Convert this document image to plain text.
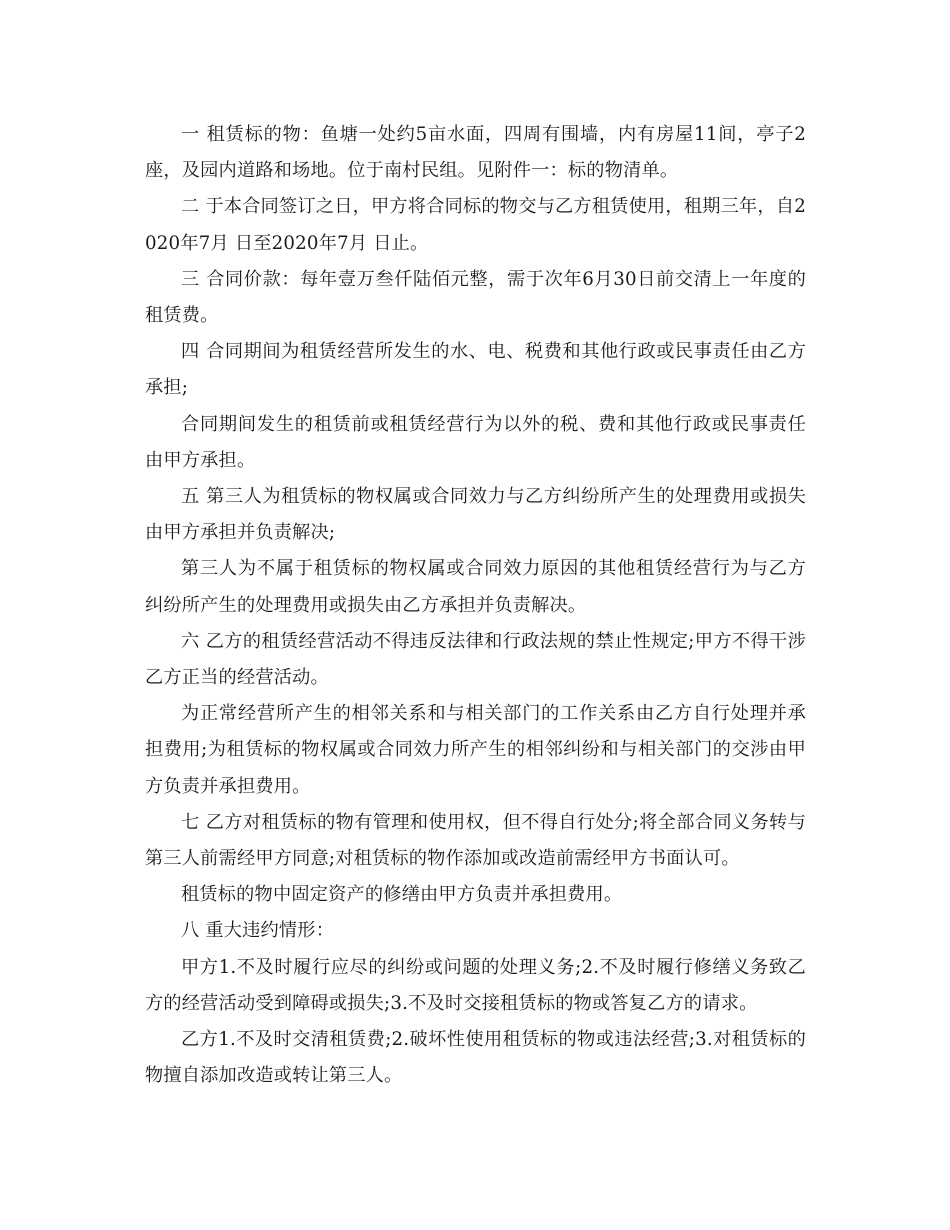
一 租赁标的物：鱼塘一处约5亩水面，四周有围墙，内有房屋11间，亭子2座，及园内道路和场地。位于南村民组。见附件一：标的物清单。

二 于本合同签订之日，甲方将合同标的物交与乙方租赁使用，租期三年，自2020年7月 日至2020年7月 日止。

三 合同价款：每年壹万叁仟陆佰元整，需于次年6月30日前交清上一年度的租赁费。

四 合同期间为租赁经营所发生的水、电、税费和其他行政或民事责任由乙方承担;

合同期间发生的租赁前或租赁经营行为以外的税、费和其他行政或民事责任由甲方承担。

五 第三人为租赁标的物权属或合同效力与乙方纠纷所产生的处理费用或损失由甲方承担并负责解决;

第三人为不属于租赁标的物权属或合同效力原因的其他租赁经营行为与乙方纠纷所产生的处理费用或损失由乙方承担并负责解决。

六 乙方的租赁经营活动不得违反法律和行政法规的禁止性规定;甲方不得干涉乙方正当的经营活动。

为正常经营所产生的相邻关系和与相关部门的工作关系由乙方自行处理并承担费用;为租赁标的物权属或合同效力所产生的相邻纠纷和与相关部门的交涉由甲方负责并承担费用。

七 乙方对租赁标的物有管理和使用权，但不得自行处分;将全部合同义务转与第三人前需经甲方同意;对租赁标的物作添加或改造前需经甲方书面认可。

租赁标的物中固定资产的修缮由甲方负责并承担费用。

八 重大违约情形：

甲方1.不及时履行应尽的纠纷或问题的处理义务;2.不及时履行修缮义务致乙方的经营活动受到障碍或损失;3.不及时交接租赁标的物或答复乙方的请求。

乙方1.不及时交清租赁费;2.破坏性使用租赁标的物或违法经营;3.对租赁标的物擅自添加改造或转让第三人。
